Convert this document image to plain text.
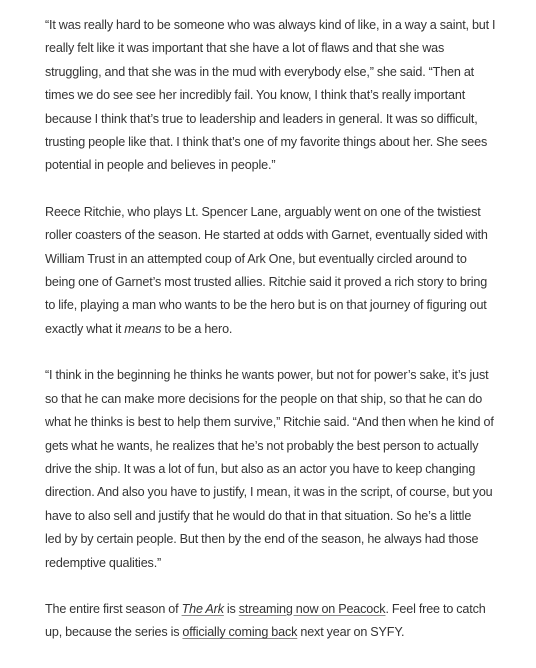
“It was really hard to be someone who was always kind of like, in a way a saint, but I
really felt like it was important that she have a lot of flaws and that she was
struggling, and that she was in the mud with everybody else,” she said. “Then at
times we do see see her incredibly fail. You know, I think that’s really important
because I think that’s true to leadership and leaders in general. It was so difficult,
trusting people like that. I think that’s one of my favorite things about her. She sees
potential in people and believes in people.”

Reece Ritchie, who plays Lt. Spencer Lane, arguably went on one of the twistiest
roller coasters of the season. He started at odds with Garnet, eventually sided with
William Trust in an attempted coup of Ark One, but eventually circled around to
being one of Garnet’s most trusted allies. Ritchie said it proved a rich story to bring
to life, playing a man who wants to be the hero but is on that journey of figuring out
exactly what it means to be a hero.

“I think in the beginning he thinks he wants power, but not for power’s sake, it’s just
so that he can make more decisions for the people on that ship, so that he can do
what he thinks is best to help them survive,” Ritchie said. “And then when he kind of
gets what he wants, he realizes that he’s not probably the best person to actually
drive the ship. It was a lot of fun, but also as an actor you have to keep changing
direction. And also you have to justify, I mean, it was in the script, of course, but you
have to also sell and justify that he would do that in that situation. So he’s a little
led by by certain people. But then by the end of the season, he always had those
redemptive qualities.”

The entire first season of The Ark is streaming now on Peacock. Feel free to catch
up, because the series is officially coming back next year on SYFY.
